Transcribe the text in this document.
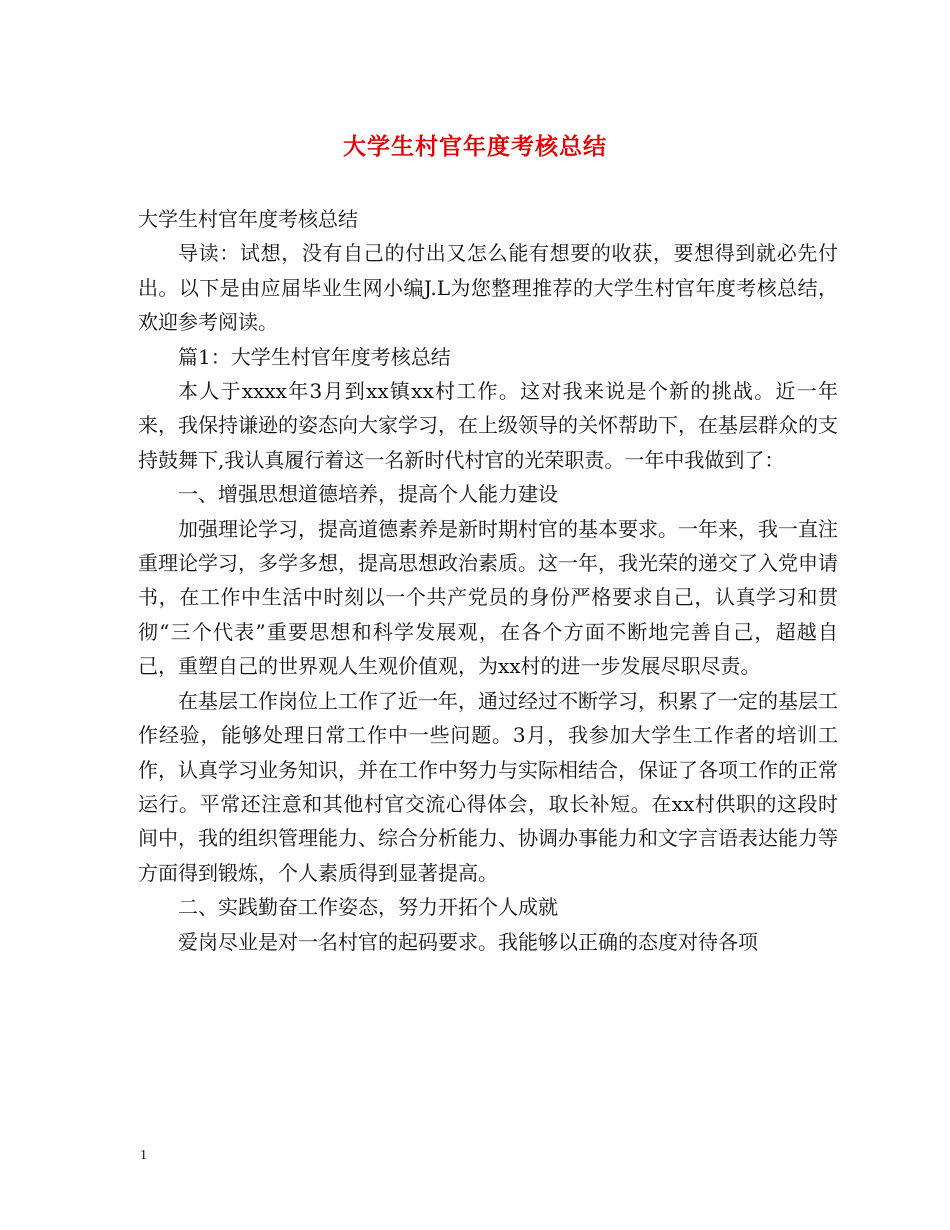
大学生村官年度考核总结

大学生村官年度考核总结

导读：试想，没有自己的付出又怎么能有想要的收获，要想得到就必先付出。以下是由应届毕业生网小编J.L为您整理推荐的大学生村官年度考核总结，欢迎参考阅读。

篇1：大学生村官年度考核总结

本人于xxxx年3月到xx镇xx村工作。这对我来说是个新的挑战。近一年来，我保持谦逊的姿态向大家学习，在上级领导的关怀帮助下，在基层群众的支持鼓舞下,我认真履行着这一名新时代村官的光荣职责。一年中我做到了：

一、增强思想道德培养，提高个人能力建设

加强理论学习，提高道德素养是新时期村官的基本要求。一年来，我一直注重理论学习，多学多想，提高思想政治素质。这一年，我光荣的递交了入党申请书，在工作中生活中时刻以一个共产党员的身份严格要求自己，认真学习和贯彻“三个代表”重要思想和科学发展观，在各个方面不断地完善自己，超越自己，重塑自己的世界观人生观价值观，为xx村的进一步发展尽职尽责。

在基层工作岗位上工作了近一年，通过经过不断学习，积累了一定的基层工作经验，能够处理日常工作中一些问题。3月，我参加大学生工作者的培训工作，认真学习业务知识，并在工作中努力与实际相结合，保证了各项工作的正常运行。平常还注意和其他村官交流心得体会，取长补短。在xx村供职的这段时间中，我的组织管理能力、综合分析能力、协调办事能力和文字言语表达能力等方面得到锻炼，个人素质得到显著提高。

二、实践勤奋工作姿态，努力开拓个人成就

爱岗尽业是对一名村官的起码要求。我能够以正确的态度对待各项

1
